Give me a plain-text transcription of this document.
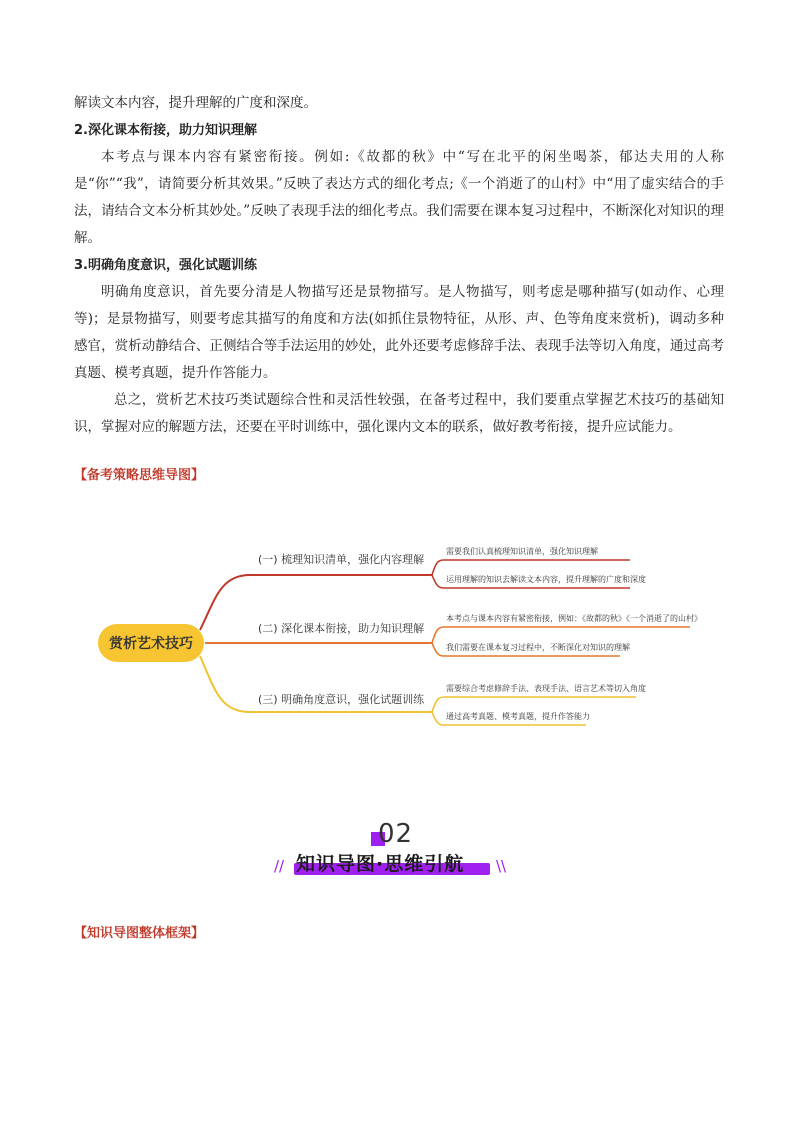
解读文本内容，提升理解的广度和深度。

2.深化课本衔接，助力知识理解

本考点与课本内容有紧密衔接。例如:《故都的秋》中“写在北平的闲坐喝茶，郁达夫用的人称是“你”“我”，请简要分析其效果。”反映了表达方式的细化考点;《一个消逝了的山村》中“用了虚实结合的手法，请结合文本分析其妙处。”反映了表现手法的细化考点。我们需要在课本复习过程中，不断深化对知识的理解。

3.明确角度意识，强化试题训练

明确角度意识，首先要分清是人物描写还是景物描写。是人物描写，则考虑是哪种描写(如动作、心理等)；是景物描写，则要考虑其描写的角度和方法(如抓住景物特征，从形、声、色等角度来赏析)，调动多种感官，赏析动静结合、正侧结合等手法运用的妙处，此外还要考虑修辞手法、表现手法等切入角度，通过高考真题、模考真题，提升作答能力。

总之，赏析艺术技巧类试题综合性和灵活性较强，在备考过程中，我们要重点掌握艺术技巧的基础知识，掌握对应的解题方法，还要在平时训练中，强化课内文本的联系，做好教考衔接，提升应试能力。

【备考策略思维导图】
赏析艺术技巧
(一) 梳理知识清单，强化内容理解
(二) 深化课本衔接，助力知识理解
(三) 明确角度意识，强化试题训练
需要我们认真梳理知识清单，强化知识理解
运用理解的知识去解读文本内容，提升理解的广度和深度
本考点与课本内容有紧密衔接，例如：《故都的秋》《一个消逝了的山村》
我们需要在课本复习过程中，不断深化对知识的理解
需要综合考虑修辞手法、表现手法、语言艺术等切入角度
通过高考真题、模考真题，提升作答能力
02
// 知识导图·思维引航 \\
【知识导图整体框架】
